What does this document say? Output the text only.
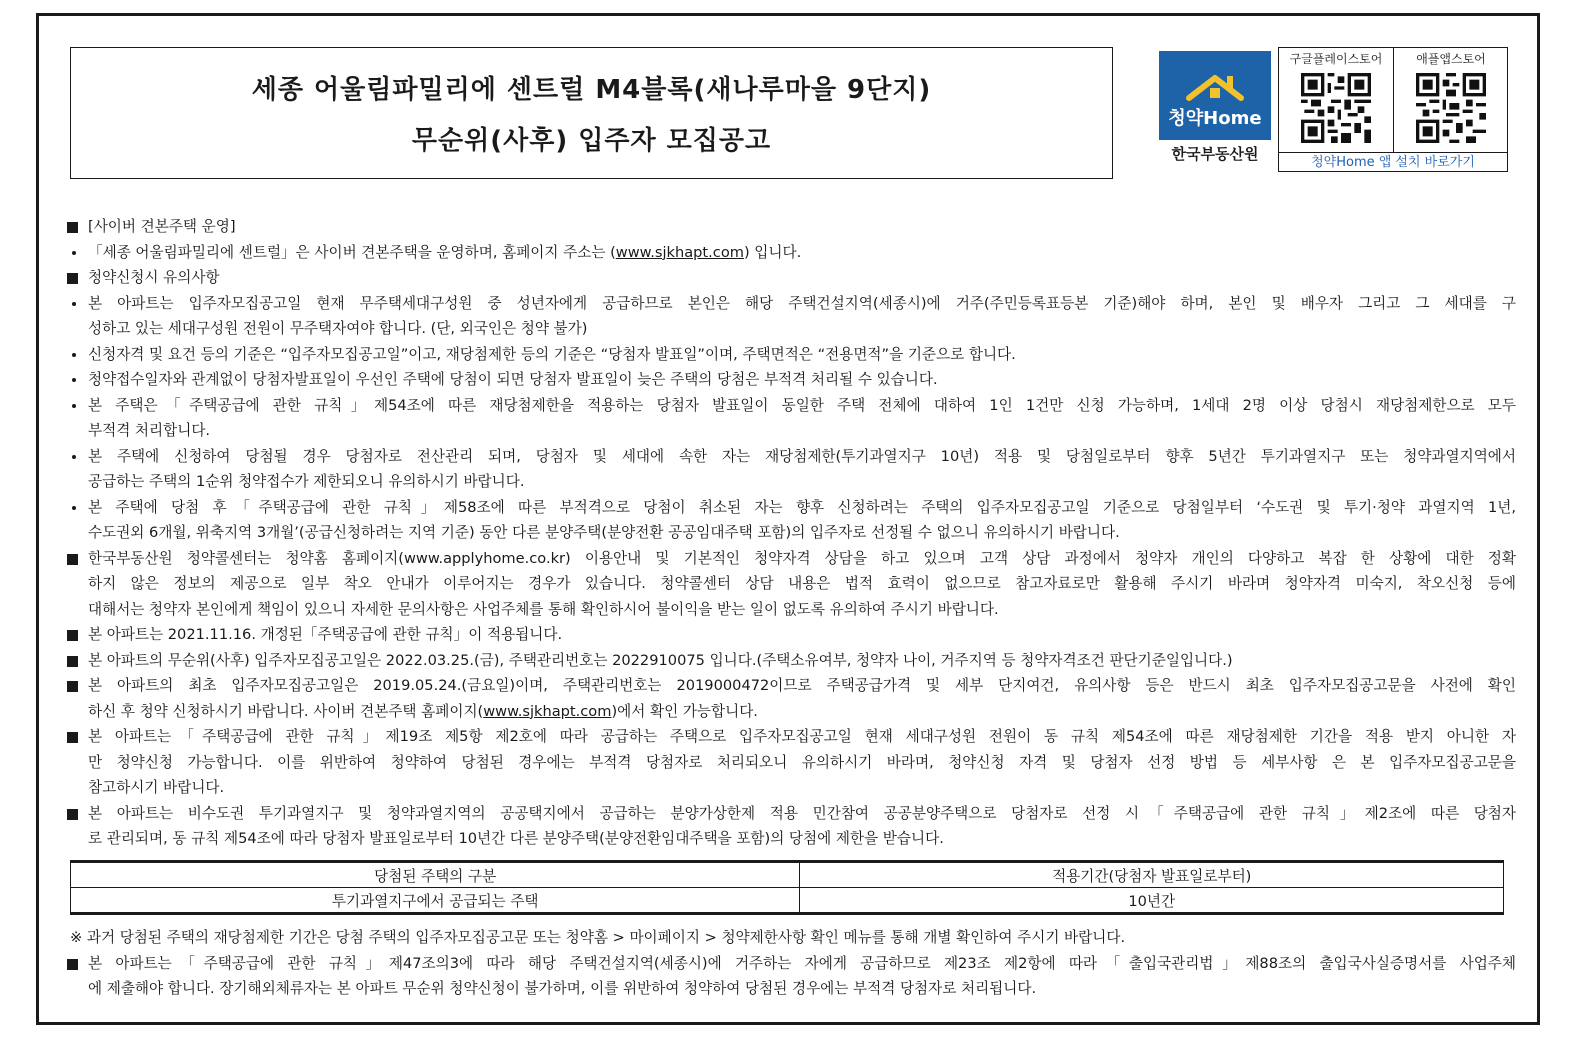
세종 어울림파밀리에 센트럴 M4블록(새나루마을 9단지)
무순위(사후) 입주자 모집공고
청약Home
한국부동산원
구글플레이스토어	애플앱스토어
청약Home 앱 설치 바로가기
[사이버 견본주택 운영]
「세종 어울림파밀리에 센트럴」은 사이버 견본주택을 운영하며, 홈페이지 주소는 (www.sjkhapt.com) 입니다.
청약신청시 유의사항
본 아파트는 입주자모집공고일 현재 무주택세대구성원 중 성년자에게 공급하므로 본인은 해당 주택건설지역(세종시)에 거주(주민등록표등본 기준)해야 하며, 본인 및 배우자 그리고 그 세대를 구
성하고 있는 세대구성원 전원이 무주택자여야 합니다. (단, 외국인은 청약 불가)
신청자격 및 요건 등의 기준은 “입주자모집공고일”이고, 재당첨제한 등의 기준은 “당첨자 발표일”이며, 주택면적은 “전용면적”을 기준으로 합니다.
청약접수일자와 관계없이 당첨자발표일이 우선인 주택에 당첨이 되면 당첨자 발표일이 늦은 주택의 당첨은 부적격 처리될 수 있습니다.
본 주택은「주택공급에 관한 규칙」제54조에 따른 재당첨제한을 적용하는 당첨자 발표일이 동일한 주택 전체에 대하여 1인 1건만 신청 가능하며, 1세대 2명 이상 당첨시 재당첨제한으로 모두
부적격 처리합니다.
본 주택에 신청하여 당첨될 경우 당첨자로 전산관리 되며, 당첨자 및 세대에 속한 자는 재당첨제한(투기과열지구 10년) 적용 및 당첨일로부터 향후 5년간 투기과열지구 또는 청약과열지역에서
공급하는 주택의 1순위 청약접수가 제한되오니 유의하시기 바랍니다.
본 주택에 당첨 후「주택공급에 관한 규칙」제58조에 따른 부적격으로 당첨이 취소된 자는 향후 신청하려는 주택의 입주자모집공고일 기준으로 당첨일부터 ‘수도권 및 투기·청약 과열지역 1년,
수도권외 6개월, 위축지역 3개월’(공급신청하려는 지역 기준) 동안 다른 분양주택(분양전환 공공임대주택 포함)의 입주자로 선정될 수 없으니 유의하시기 바랍니다.
한국부동산원 청약콜센터는 청약홈 홈페이지(www.applyhome.co.kr) 이용안내 및 기본적인 청약자격 상담을 하고 있으며 고객 상담 과정에서 청약자 개인의 다양하고 복잡 한 상황에 대한 정확
하지 않은 정보의 제공으로 일부 착오 안내가 이루어지는 경우가 있습니다. 청약콜센터 상담 내용은 법적 효력이 없으므로 참고자료로만 활용해 주시기 바라며 청약자격 미숙지, 착오신청 등에
대해서는 청약자 본인에게 책임이 있으니 자세한 문의사항은 사업주체를 통해 확인하시어 불이익을 받는 일이 없도록 유의하여 주시기 바랍니다.
본 아파트는 2021.11.16. 개정된「주택공급에 관한 규칙」이 적용됩니다.
본 아파트의 무순위(사후) 입주자모집공고일은 2022.03.25.(금), 주택관리번호는 2022910075 입니다.(주택소유여부, 청약자 나이, 거주지역 등 청약자격조건 판단기준일입니다.)
본 아파트의 최초 입주자모집공고일은 2019.05.24.(금요일)이며, 주택관리번호는 2019000472이므로 주택공급가격 및 세부 단지여건, 유의사항 등은 반드시 최초 입주자모집공고문을 사전에 확인
하신 후 청약 신청하시기 바랍니다. 사이버 견본주택 홈페이지(www.sjkhapt.com)에서 확인 가능합니다.
본 아파트는「주택공급에 관한 규칙」제19조 제5항 제2호에 따라 공급하는 주택으로 입주자모집공고일 현재 세대구성원 전원이 동 규칙 제54조에 따른 재당첨제한 기간을 적용 받지 아니한 자
만 청약신청 가능합니다. 이를 위반하여 청약하여 당첨된 경우에는 부적격 당첨자로 처리되오니 유의하시기 바라며, 청약신청 자격 및 당첨자 선정 방법 등 세부사항 은 본 입주자모집공고문을
참고하시기 바랍니다.
본 아파트는 비수도권 투기과열지구 및 청약과열지역의 공공택지에서 공급하는 분양가상한제 적용 민간참여 공공분양주택으로 당첨자로 선정 시「주택공급에 관한 규칙」제2조에 따른 당첨자
로 관리되며, 동 규칙 제54조에 따라 당첨자 발표일로부터 10년간 다른 분양주택(분양전환임대주택을 포함)의 당첨에 제한을 받습니다.
당첨된 주택의 구분	적용기간(당첨자 발표일로부터)
투기과열지구에서 공급되는 주택	10년간
※ 과거 당첨된 주택의 재당첨제한 기간은 당첨 주택의 입주자모집공고문 또는 청약홈 > 마이페이지 > 청약제한사항 확인 메뉴를 통해 개별 확인하여 주시기 바랍니다.
본 아파트는「주택공급에 관한 규칙」제47조의3에 따라 해당 주택건설지역(세종시)에 거주하는 자에게 공급하므로 제23조 제2항에 따라「출입국관리법」제88조의 출입국사실증명서를 사업주체
에 제출해야 합니다. 장기해외체류자는 본 아파트 무순위 청약신청이 불가하며, 이를 위반하여 청약하여 당첨된 경우에는 부적격 당첨자로 처리됩니다.
